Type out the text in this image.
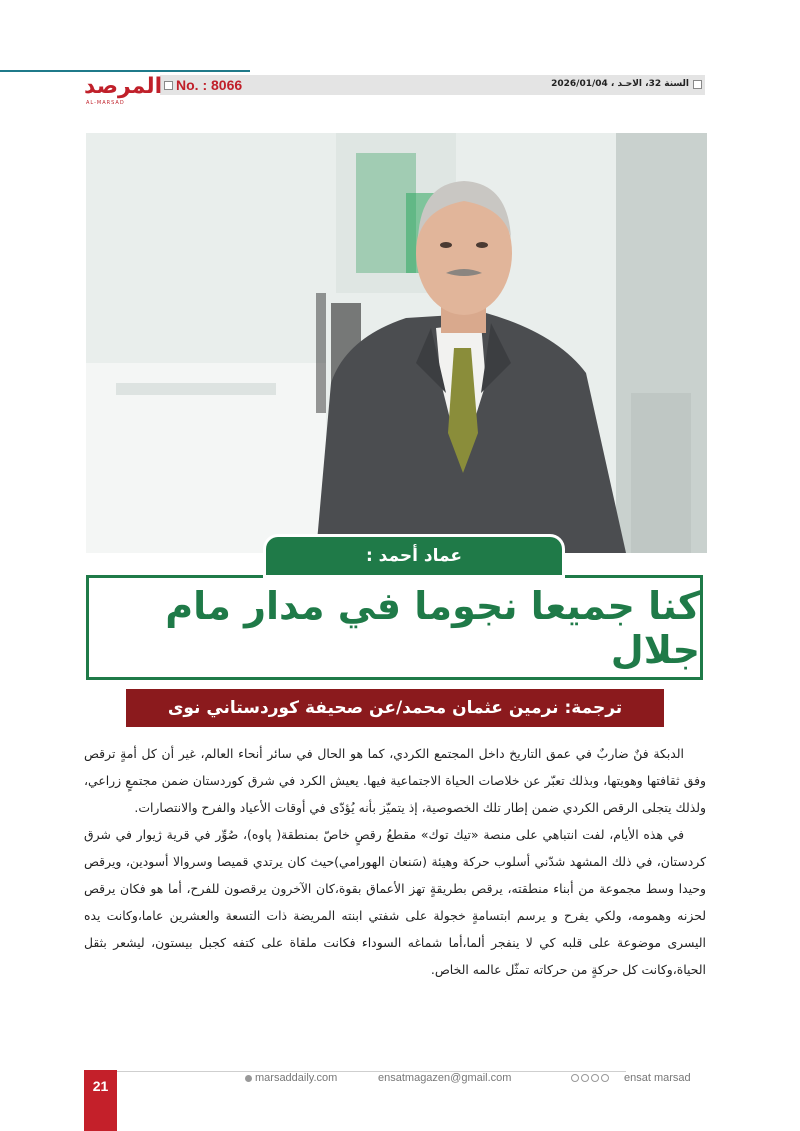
المرصد
AL-MARSAD
No. : 8066	السنة 32، الاحـد ، 2026/01/04
كنا جميعا نجوما في مدار مام جلال
عماد أحمد :
ترجمة: نرمين عثمان محمد/عن صحيفة كوردستاني نوى

الدبكة فنٌ ضاربٌ في عمق التاريخ داخل المجتمع الكردي، كما هو الحال في سائر أنحاء العالم، غير أن كل أمةٍ ترقص وفق ثقافتها وهويتها، وبذلك تعبّر عن خلاصات الحياة الاجتماعية فيها. يعيش الكرد في شرق كوردستان ضمن مجتمعٍ زراعي، ولذلك يتجلى الرقص الكردي ضمن إطار تلك الخصوصية، إذ يتميّز بأنه يُؤدّى في أوقات الأعياد والفرح والانتصارات.

في هذه الأيام، لفت انتباهي على منصة «تيك توك» مقطعُ رقصٍ خاصّ بمنطقة( پاوه)، صُوِّر في قرية ژيوار في شرق كردستان، في ذلك المشهد شدّني أسلوب حركة وهيئة (سَنعان الهورامي)حيث كان يرتدي قميصا وسروالا أسودين، ويرقص وحيدا وسط مجموعة من أبناء منطقته، يرقص بطريقةٍ تهز الأعماق بقوة،كان الآخرون يرقصون للفرح، أما هو فكان يرقص لحزنه وهمومه، ولكي يفرح و يرسم ابتسامةٍ خجولة على شفتي ابنته المريضة ذات التسعة والعشرين عاما،وكانت يده اليسرى موضوعة على قلبه كي لا ينفجر ألما،أما شماغه السوداء فكانت ملقاة على كتفه كجبل بيستون، ليشعر بثقل الحياة،وكانت كل حركةٍ من حركاته تمثّل عالمه الخاص.

21	marsaddaily.com	ensatmagazen@gmail.com	ensat marsad
